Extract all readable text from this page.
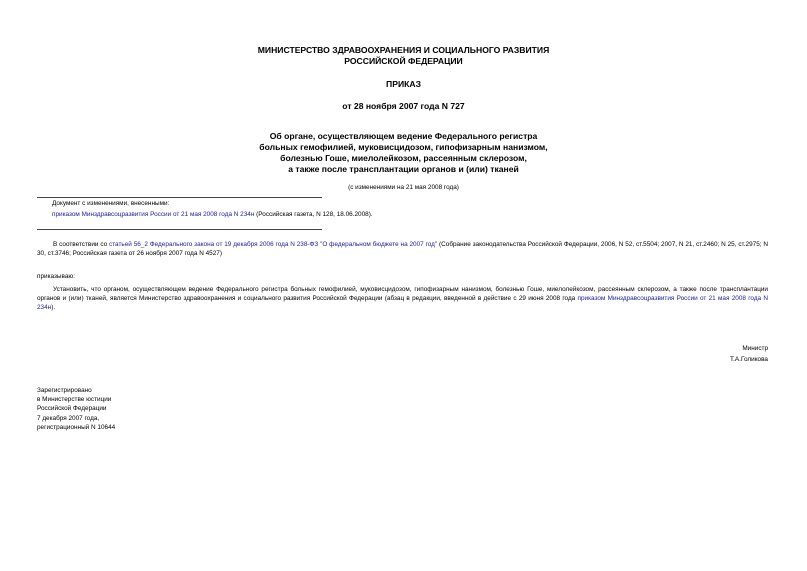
МИНИСТЕРСТВО ЗДРАВООХРАНЕНИЯ И СОЦИАЛЬНОГО РАЗВИТИЯ
РОССИЙСКОЙ ФЕДЕРАЦИИ
ПРИКАЗ
от 28 ноября 2007 года N 727
Об органе, осуществляющем ведение Федерального регистра
больных гемофилией, муковисцидозом, гипофизарным нанизмом,
болезнью Гоше, миелолейкозом, рассеянным склерозом,
а также после трансплантации органов и (или) тканей
(с изменениями на 21 мая 2008 года)
Документ с изменениями, внесенными:
приказом Минздравсоцразвития России от 21 мая 2008 года N 234н (Российская газета, N 128, 18.06.2008).
В соответствии со статьей 56_2 Федерального закона от 19 декабря 2006 года N 238-ФЗ "О федеральном бюджете на 2007 год" (Собрание законодательства Российской Федерации, 2006, N 52, ст.5504; 2007, N 21, ст.2460; N 25, ст.2975; N 30, ст.3746; Российская газета от 26 ноября 2007 года N 4527)
приказываю:
Установить, что органом, осуществляющем ведение Федерального регистра больных гемофилией, муковисцидозом, гипофизарным нанизмом, болезнью Гоше, миелолейкозом, рассеянным склерозом, а также после трансплантации органов и (или) тканей, является Министерство здравоохранения и социального развития Российской Федерации (абзац в редакции, введенной в действие с 29 июня 2008 года приказом Минздравсоцразвития России от 21 мая 2008 года N 234н).
Министр
Т.А.Голикова
Зарегистрировано
в Министерстве юстиции
Российской Федерации
7 декабря 2007 года,
регистрационный N 10644
